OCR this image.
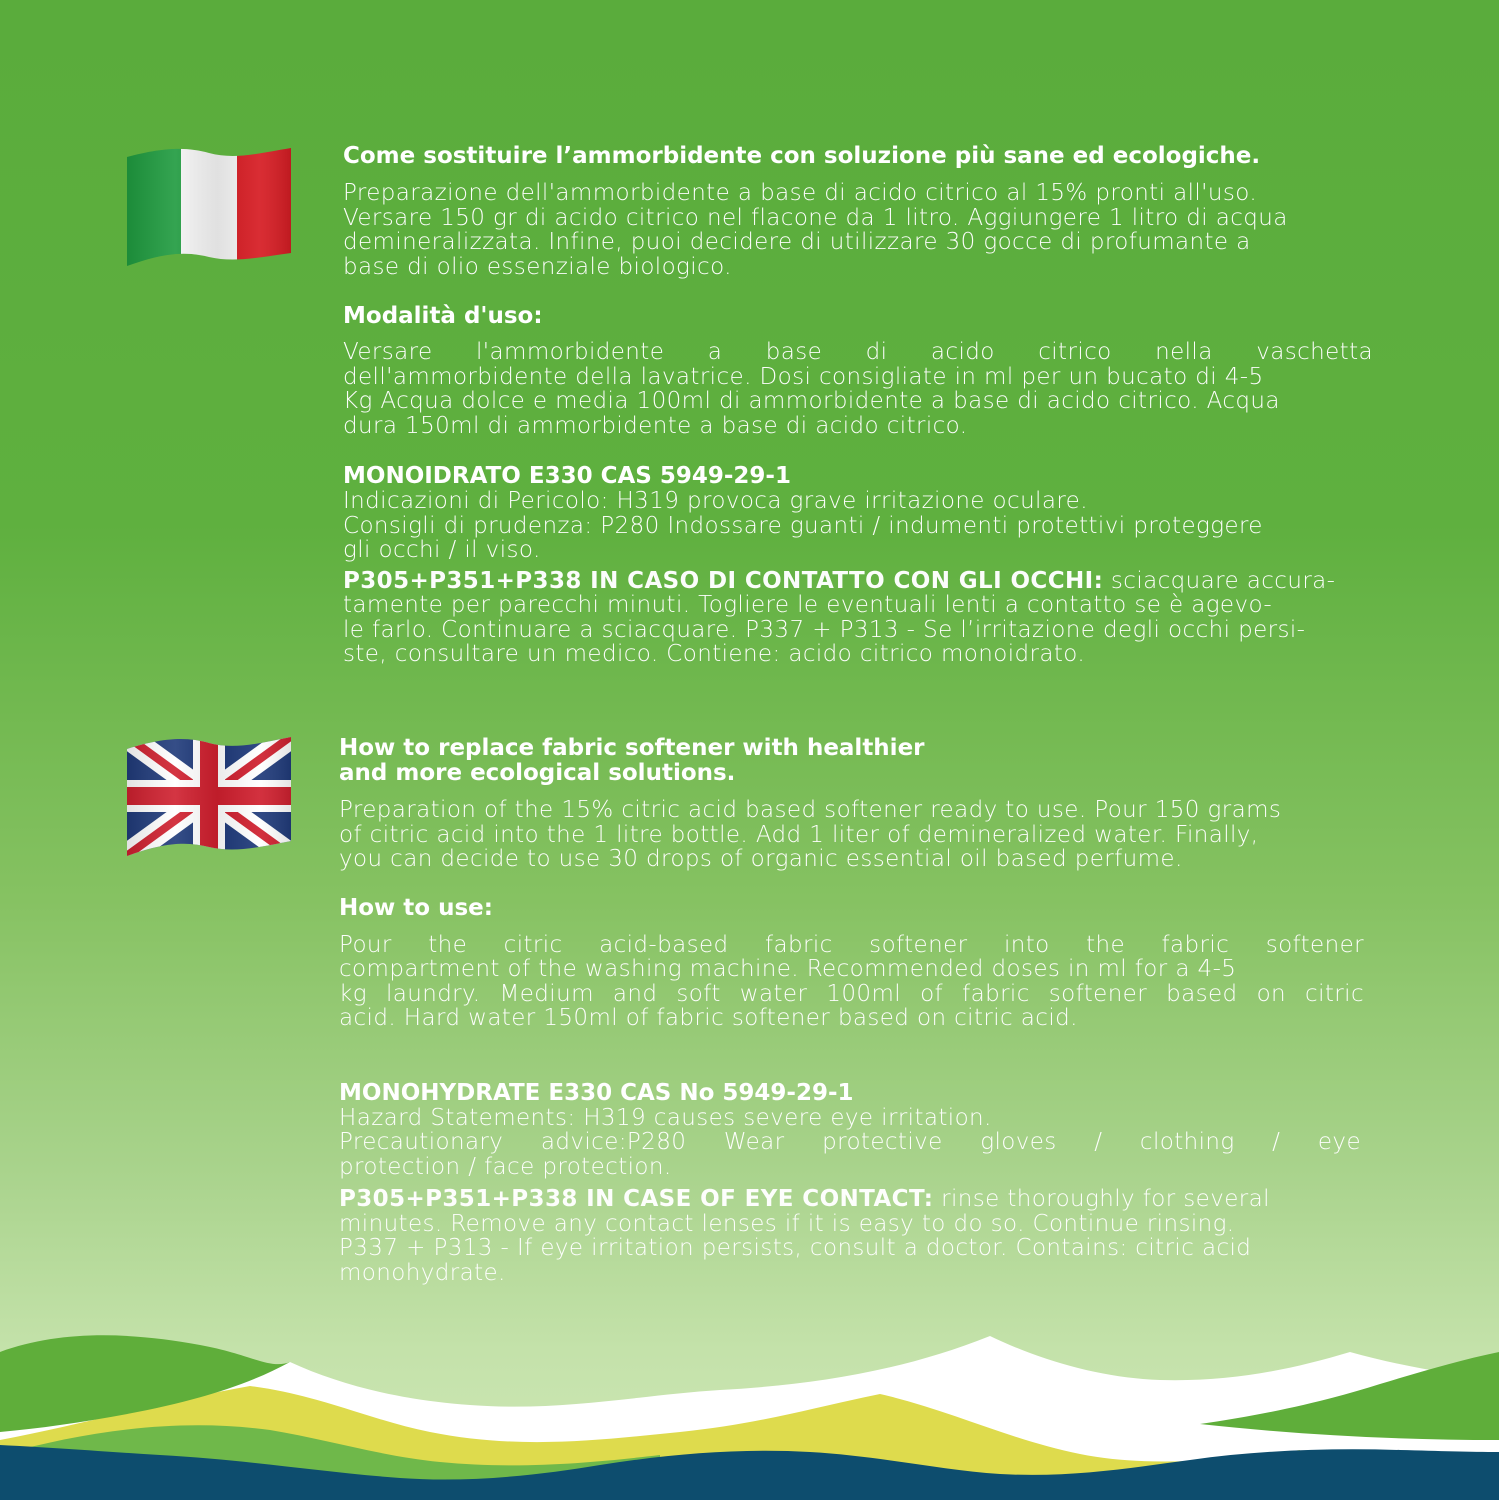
Come sostituire l’ammorbidente con soluzione più sane ed ecologiche.

Preparazione dell'ammorbidente a base di acido citrico al 15% pronti all'uso.

Versare 150 gr di acido citrico nel flacone da 1 litro. Aggiungere 1 litro di acqua

demineralizzata. Infine, puoi decidere di utilizzare 30 gocce di profumante a

base di olio essenziale biologico.

Modalità d'uso:

Versare l'ammorbidente a base di acido citrico nella vaschetta

dell'ammorbidente della lavatrice. Dosi consigliate in ml per un bucato di 4-5

Kg Acqua dolce e media 100ml di ammorbidente a base di acido citrico. Acqua

dura 150ml di ammorbidente a base di acido citrico.

MONOIDRATO E330 CAS 5949-29-1

Indicazioni di Pericolo: H319 provoca grave irritazione oculare.

Consigli di prudenza: P280 Indossare guanti / indumenti protettivi proteggere

gli occhi / il viso.

P305+P351+P338 IN CASO DI CONTATTO CON GLI OCCHI: sciacquare accura-

tamente per parecchi minuti. Togliere le eventuali lenti a contatto se è agevo-

le farlo. Continuare a sciacquare. P337 + P313 - Se l’irritazione degli occhi persi-

ste, consultare un medico. Contiene: acido citrico monoidrato.

How to replace fabric softener with healthier

and more ecological solutions.

Preparation of the 15% citric acid based softener ready to use. Pour 150 grams

of citric acid into the 1 litre bottle. Add 1 liter of demineralized water. Finally,

you can decide to use 30 drops of organic essential oil based perfume.

How to use:

Pour the citric acid-based fabric softener into the fabric softener

compartment of the washing machine. Recommended doses in ml for a 4-5

kg laundry. Medium and soft water 100ml of fabric softener based on citric

acid. Hard water 150ml of fabric softener based on citric acid.

MONOHYDRATE E330 CAS No 5949-29-1

Hazard Statements: H319 causes severe eye irritation.

Precautionary advice:P280 Wear protective gloves / clothing / eye

protection / face protection.

P305+P351+P338 IN CASE OF EYE CONTACT: rinse thoroughly for several

minutes. Remove any contact lenses if it is easy to do so. Continue rinsing.

P337 + P313 - If eye irritation persists, consult a doctor. Contains: citric acid

monohydrate.
